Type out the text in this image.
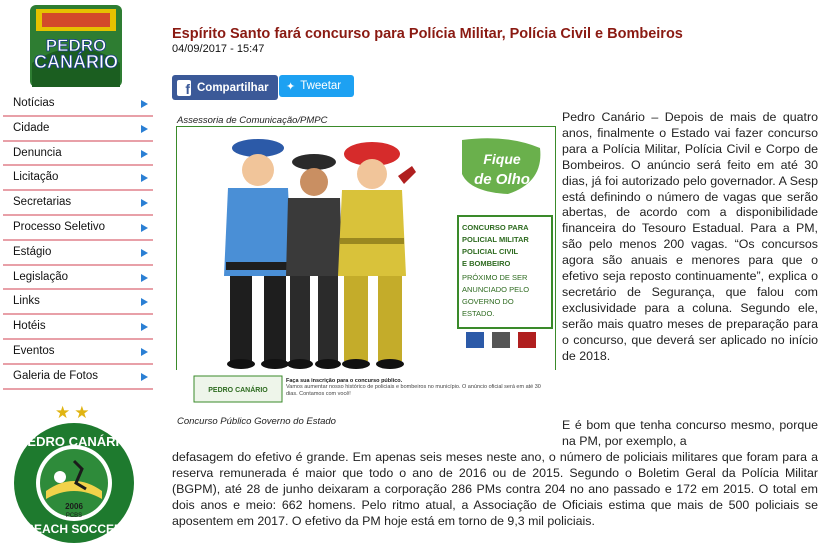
PEDRO
CANÁRIO
Notícias
Cidade
Denuncia
Licitação
Secretarias
Processo Seletivo
Estágio
Legislação
Links
Hotéis
Eventos
Galeria de Fotos
★★
PEDRO CANÁRIO
2006
PCBS
BEACH SOCCER
Espírito Santo fará concurso para Polícia Militar, Polícia Civil e Bombeiros
04/09/2017 - 15:47
f Compartilhar ✦ Tweetar
Assessoria de Comunicação/PMPC
Fique
de Olho
CONCURSO PARA
POLICIAL MILITAR
POLICIAL CIVIL
E BOMBEIRO
PRÓXIMO DE SER
ANUNCIADO PELO
GOVERNO DO
ESTADO.
PEDRO CANÁRIO
Faça sua inscrição para o concurso público.
Vamos aumentar nosso histórico de policiais e bombeiros no município. O anúncio oficial será em até 30 dias. Contamos com você!
Concurso Público Governo do Estado

Pedro Canário – Depois de mais de quatro anos, finalmente o Estado vai fazer concurso para a Polícia Militar, Polícia Civil e Corpo de Bombeiros. O anúncio será feito em até 30 dias, já foi autorizado pelo governador. A Sesp está definindo o número de vagas que serão abertas, de acordo com a disponibilidade financeira do Tesouro Estadual. Para a PM, são pelo menos 200 vagas. “Os concursos agora são anuais e menores para que o efetivo seja reposto continuamente”, explica o secretário de Segurança, que falou com exclusividade para a coluna. Segundo ele, serão mais quatro meses de preparação para o concurso, que deverá ser aplicado no início de 2018.

E é bom que tenha concurso mesmo, porque na PM, por exemplo, a

defasagem do efetivo é grande. Em apenas seis meses neste ano, o número de policiais militares que foram para a reserva remunerada é maior que todo o ano de 2016 ou de 2015. Segundo o Boletim Geral da Polícia Militar (BGPM), até 28 de junho deixaram a corporação 286 PMs contra 204 no ano passado e 172 em 2015. O total em dois anos e meio: 662 homens. Pelo ritmo atual, a Associação de Oficiais estima que mais de 500 policiais se aposentem em 2017. O efetivo da PM hoje está em torno de 9,3 mil policiais.
